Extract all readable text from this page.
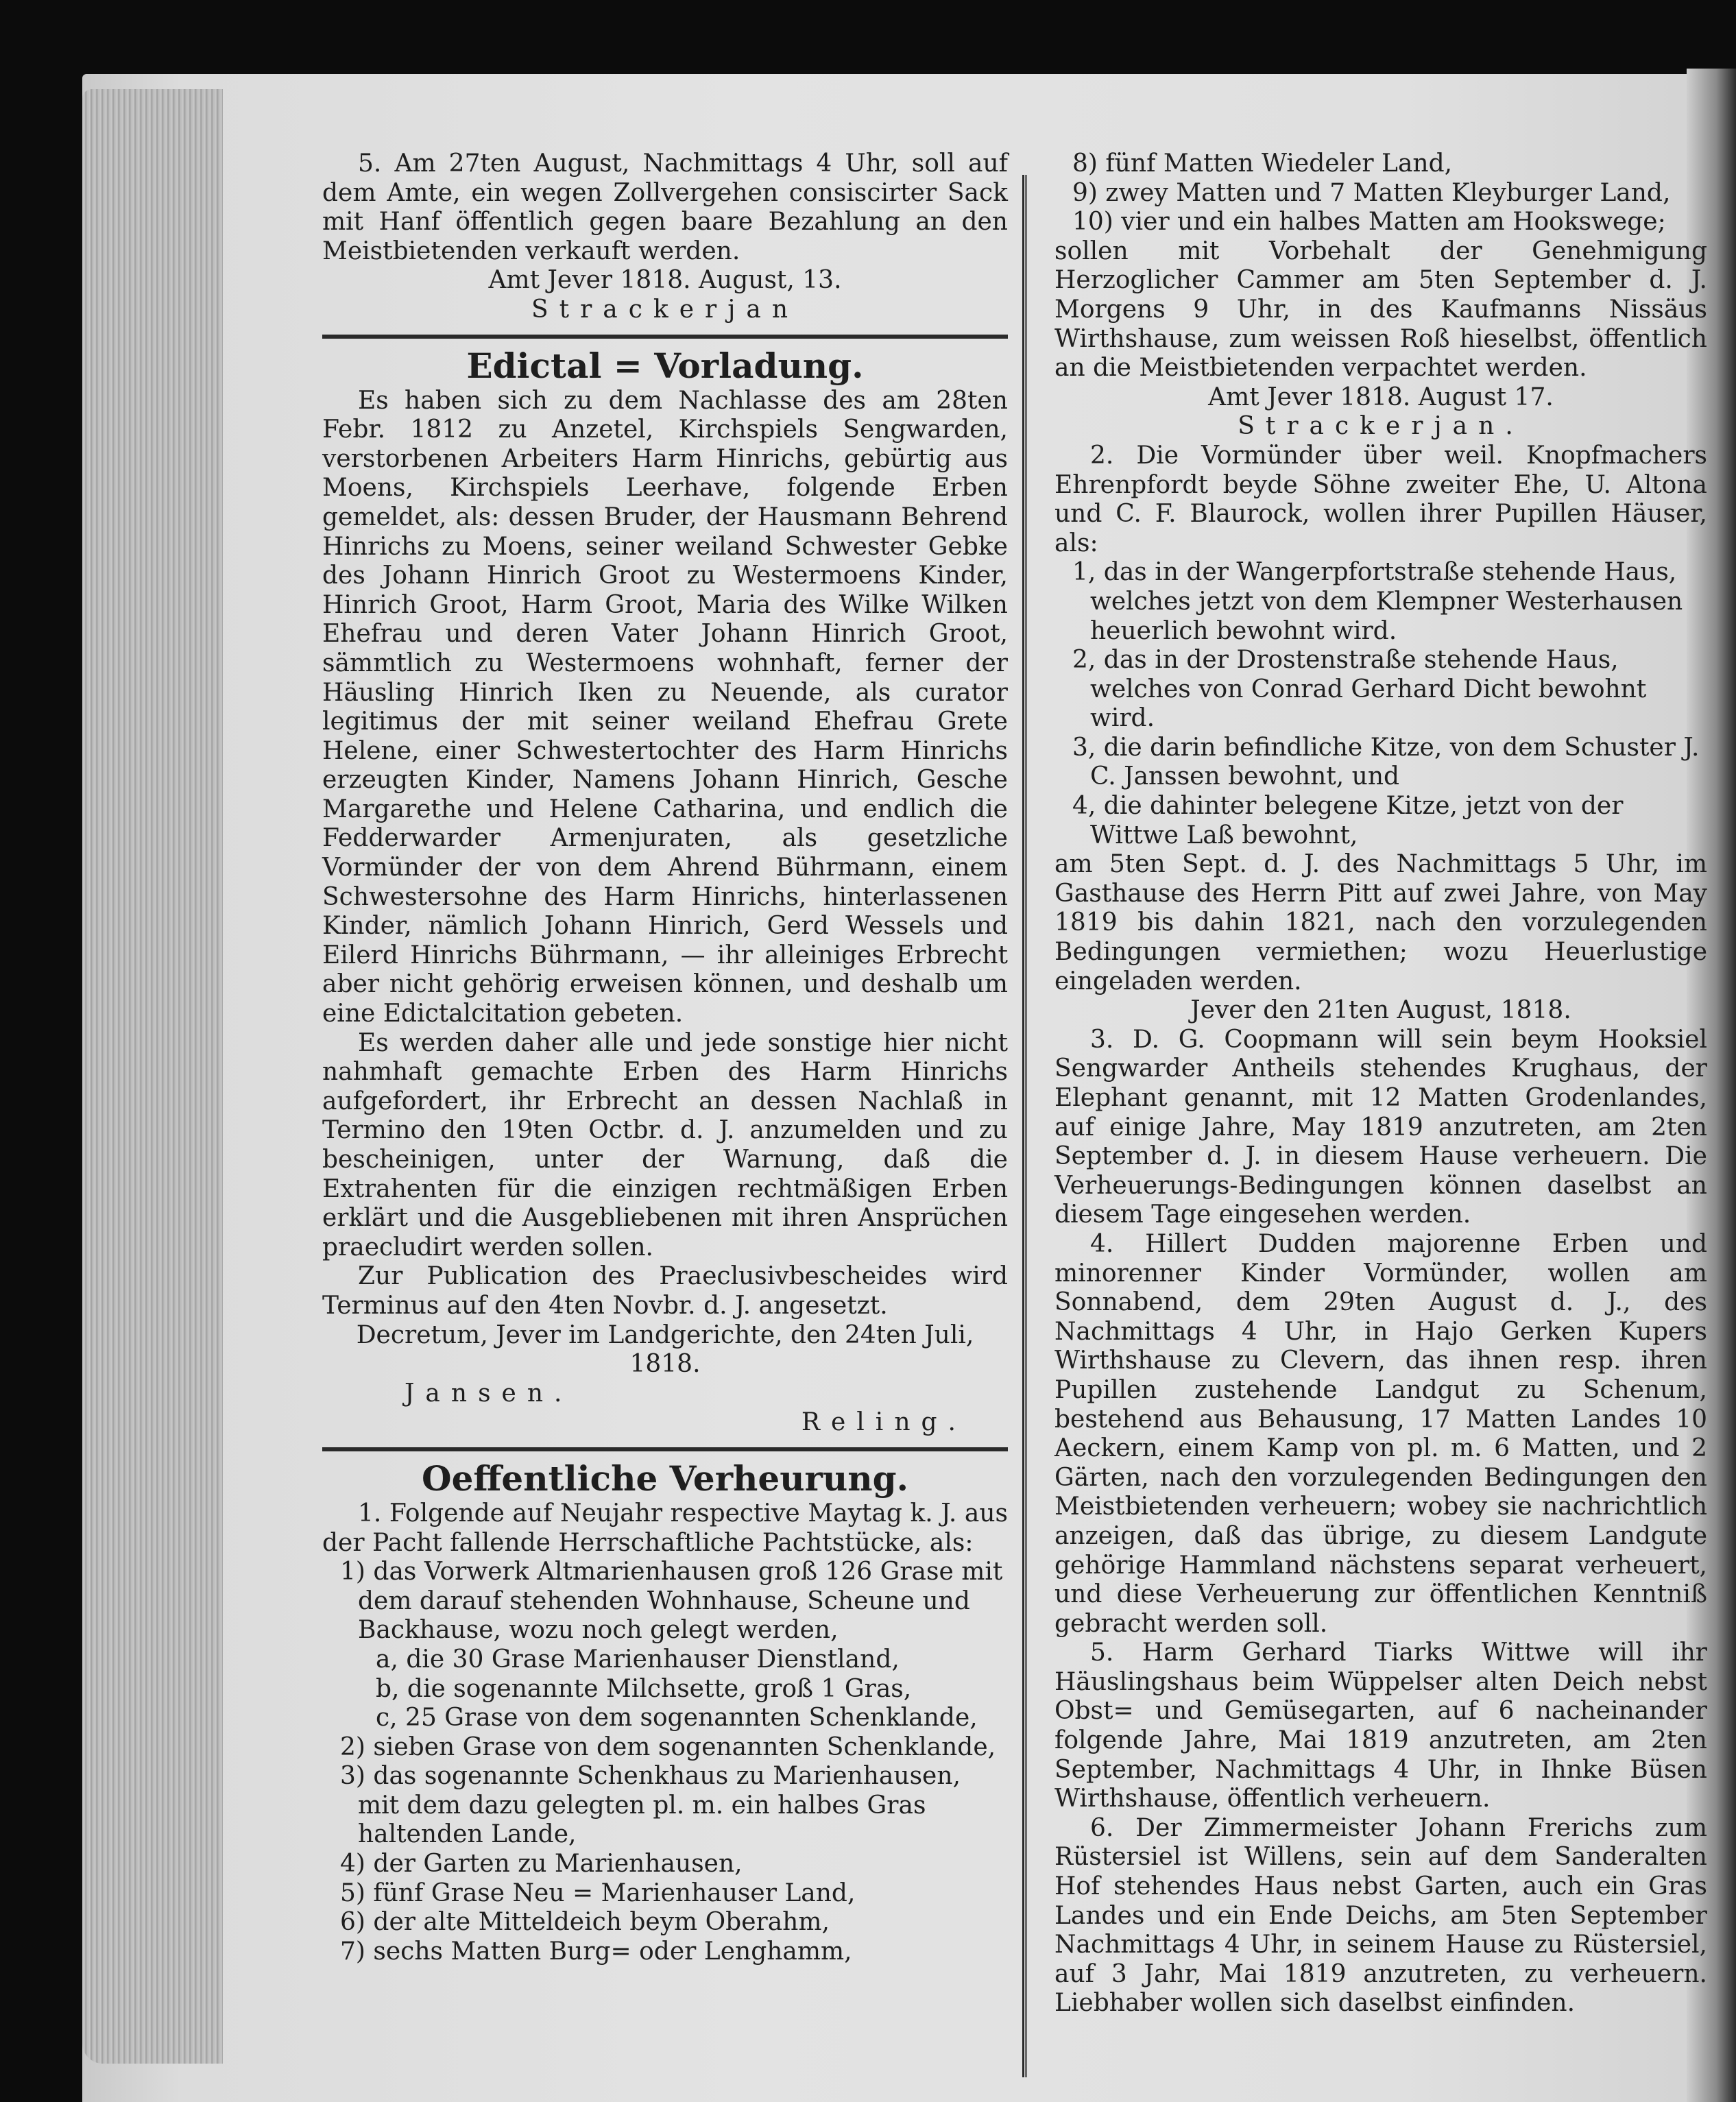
5. Am 27ten August, Nachmittags 4 Uhr, soll auf dem Amte, ein wegen Zollvergehen consiscirter Sack mit Hanf öffentlich gegen baare Bezahlung an den Meistbietenden verkauft werden.

Amt Jever 1818. August, 13.

Strackerjan

Edictal = Vorladung.

Es haben sich zu dem Nachlasse des am 28ten Febr. 1812 zu Anzetel, Kirchspiels Sengwarden, verstorbenen Arbeiters Harm Hinrichs, gebürtig aus Moens, Kirchspiels Leerhave, folgende Erben gemeldet, als: dessen Bruder, der Hausmann Behrend Hinrichs zu Moens, seiner weiland Schwester Gebke des Johann Hinrich Groot zu Westermoens Kinder, Hinrich Groot, Harm Groot, Maria des Wilke Wilken Ehefrau und deren Vater Johann Hinrich Groot, sämmtlich zu Westermoens wohnhaft, ferner der Häusling Hinrich Iken zu Neuende, als curator legitimus der mit seiner weiland Ehefrau Grete Helene, einer Schwestertochter des Harm Hinrichs erzeugten Kinder, Namens Johann Hinrich, Gesche Margarethe und Helene Catharina, und endlich die Fedderwarder Armenjuraten, als gesetzliche Vormünder der von dem Ahrend Bührmann, einem Schwestersohne des Harm Hinrichs, hinterlassenen Kinder, nämlich Johann Hinrich, Gerd Wessels und Eilerd Hinrichs Bührmann, — ihr alleiniges Erbrecht aber nicht gehörig erweisen können, und deshalb um eine Edictalcitation gebeten.

Es werden daher alle und jede sonstige hier nicht nahmhaft gemachte Erben des Harm Hinrichs aufgefordert, ihr Erbrecht an dessen Nachlaß in Termino den 19ten Octbr. d. J. anzumelden und zu bescheinigen, unter der Warnung, daß die Extrahenten für die einzigen rechtmäßigen Erben erklärt und die Ausgebliebenen mit ihren Ansprüchen praecludirt werden sollen.

Zur Publication des Praeclusivbescheides wird Terminus auf den 4ten Novbr. d. J. angesetzt.

Decretum, Jever im Landgerichte, den 24ten Juli, 1818.

Jansen.

Reling.

Oeffentliche Verheurung.

1. Folgende auf Neujahr respective Maytag k. J. aus der Pacht fallende Herrschaftliche Pachtstücke, als:

1) das Vorwerk Altmarienhausen groß 126 Grase mit dem darauf stehenden Wohnhause, Scheune und Backhause, wozu noch gelegt werden,

a, die 30 Grase Marienhauser Dienstland,

b, die sogenannte Milchsette, groß 1 Gras,

c, 25 Grase von dem sogenannten Schenklande,

2) sieben Grase von dem sogenannten Schenklande,

3) das sogenannte Schenkhaus zu Marienhausen, mit dem dazu gelegten pl. m. ein halbes Gras haltenden Lande,

4) der Garten zu Marienhausen,

5) fünf Grase Neu = Marienhauser Land,

6) der alte Mitteldeich beym Oberahm,

7) sechs Matten Burg= oder Lenghamm,

8) fünf Matten Wiedeler Land,

9) zwey Matten und 7 Matten Kleyburger Land,

10) vier und ein halbes Matten am Hookswege;

sollen mit Vorbehalt der Genehmigung Herzoglicher Cammer am 5ten September d. J. Morgens 9 Uhr, in des Kaufmanns Nissäus Wirthshause, zum weissen Roß hieselbst, öffentlich an die Meistbietenden verpachtet werden.

Amt Jever 1818. August 17.

Strackerjan.

2. Die Vormünder über weil. Knopfmachers Ehrenpfordt beyde Söhne zweiter Ehe, U. Altona und C. F. Blaurock, wollen ihrer Pupillen Häuser, als:

1, das in der Wangerpfortstraße stehende Haus, welches jetzt von dem Klempner Westerhausen heuerlich bewohnt wird.

2, das in der Drostenstraße stehende Haus, welches von Conrad Gerhard Dicht bewohnt wird.

3, die darin befindliche Kitze, von dem Schuster J. C. Janssen bewohnt, und

4, die dahinter belegene Kitze, jetzt von der Wittwe Laß bewohnt,

am 5ten Sept. d. J. des Nachmittags 5 Uhr, im Gasthause des Herrn Pitt auf zwei Jahre, von May 1819 bis dahin 1821, nach den vorzulegenden Bedingungen vermiethen; wozu Heuerlustige eingeladen werden.

Jever den 21ten August, 1818.

3. D. G. Coopmann will sein beym Hooksiel Sengwarder Antheils stehendes Krughaus, der Elephant genannt, mit 12 Matten Grodenlandes, auf einige Jahre, May 1819 anzutreten, am 2ten September d. J. in diesem Hause verheuern. Die Verheuerungs-Bedingungen können daselbst an diesem Tage eingesehen werden.

4. Hillert Dudden majorenne Erben und minorenner Kinder Vormünder, wollen am Sonnabend, dem 29ten August d. J., des Nachmittags 4 Uhr, in Hajo Gerken Kupers Wirthshause zu Clevern, das ihnen resp. ihren Pupillen zustehende Landgut zu Schenum, bestehend aus Behausung, 17 Matten Landes 10 Aeckern, einem Kamp von pl. m. 6 Matten, und 2 Gärten, nach den vorzulegenden Bedingungen den Meistbietenden verheuern; wobey sie nachrichtlich anzeigen, daß das übrige, zu diesem Landgute gehörige Hammland nächstens separat verheuert, und diese Verheuerung zur öffentlichen Kenntniß gebracht werden soll.

5. Harm Gerhard Tiarks Wittwe will ihr Häuslingshaus beim Wüppelser alten Deich nebst Obst= und Gemüsegarten, auf 6 nacheinander folgende Jahre, Mai 1819 anzutreten, am 2ten September, Nachmittags 4 Uhr, in Ihnke Büsen Wirthshause, öffentlich verheuern.

6. Der Zimmermeister Johann Frerichs zum Rüstersiel ist Willens, sein auf dem Sanderalten Hof stehendes Haus nebst Garten, auch ein Gras Landes und ein Ende Deichs, am 5ten September Nachmittags 4 Uhr, in seinem Hause zu Rüstersiel, auf 3 Jahr, Mai 1819 anzutreten, zu verheuern. Liebhaber wollen sich daselbst einfinden.
